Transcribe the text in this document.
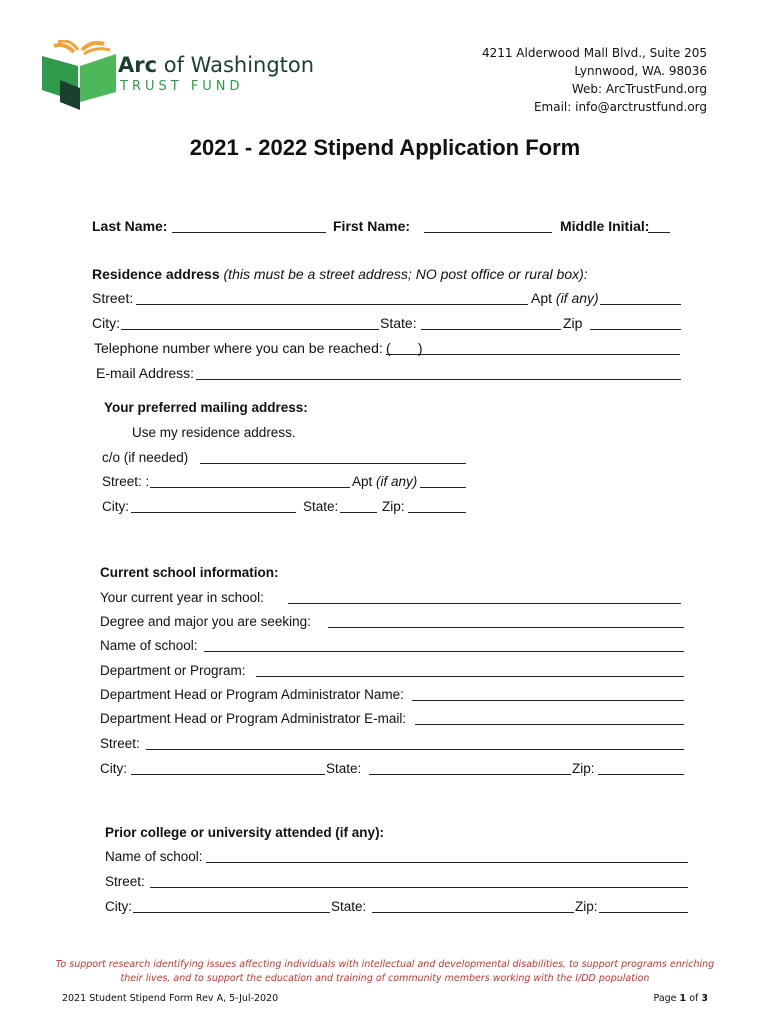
Arc of Washington
TRUST FUND
4211 Alderwood Mall Blvd., Suite 205
Lynnwood, WA. 98036
Web: ArcTrustFund.org
Email: info@arctrustfund.org
2021 - 2022 Stipend Application Form
Last Name:	First Name:	Middle Initial:
Residence address (this must be a street address; NO post office or rural box):
Street:	Apt (if any)
City:	State:	Zip
Telephone number where you can be reached: (       )
E-mail Address:
Your preferred mailing address:
Use my residence address.
c/o (if needed)
Street: :	Apt (if any)
City:	State:	Zip:
Current school information:
Your current year in school:
Degree and major you are seeking:
Name of school:
Department or Program:
Department Head or Program Administrator Name:
Department Head or Program Administrator E-mail:
Street:
City:	State:	Zip:
Prior college or university attended (if any):
Name of school:
Street:
City:	State:	Zip:
To support research identifying issues affecting individuals with intellectual and developmental disabilities, to support programs enriching
their lives, and to support the education and training of community members working with the I/DD population
2021 Student Stipend Form Rev A, 5-Jul-2020	Page 1 of 3
